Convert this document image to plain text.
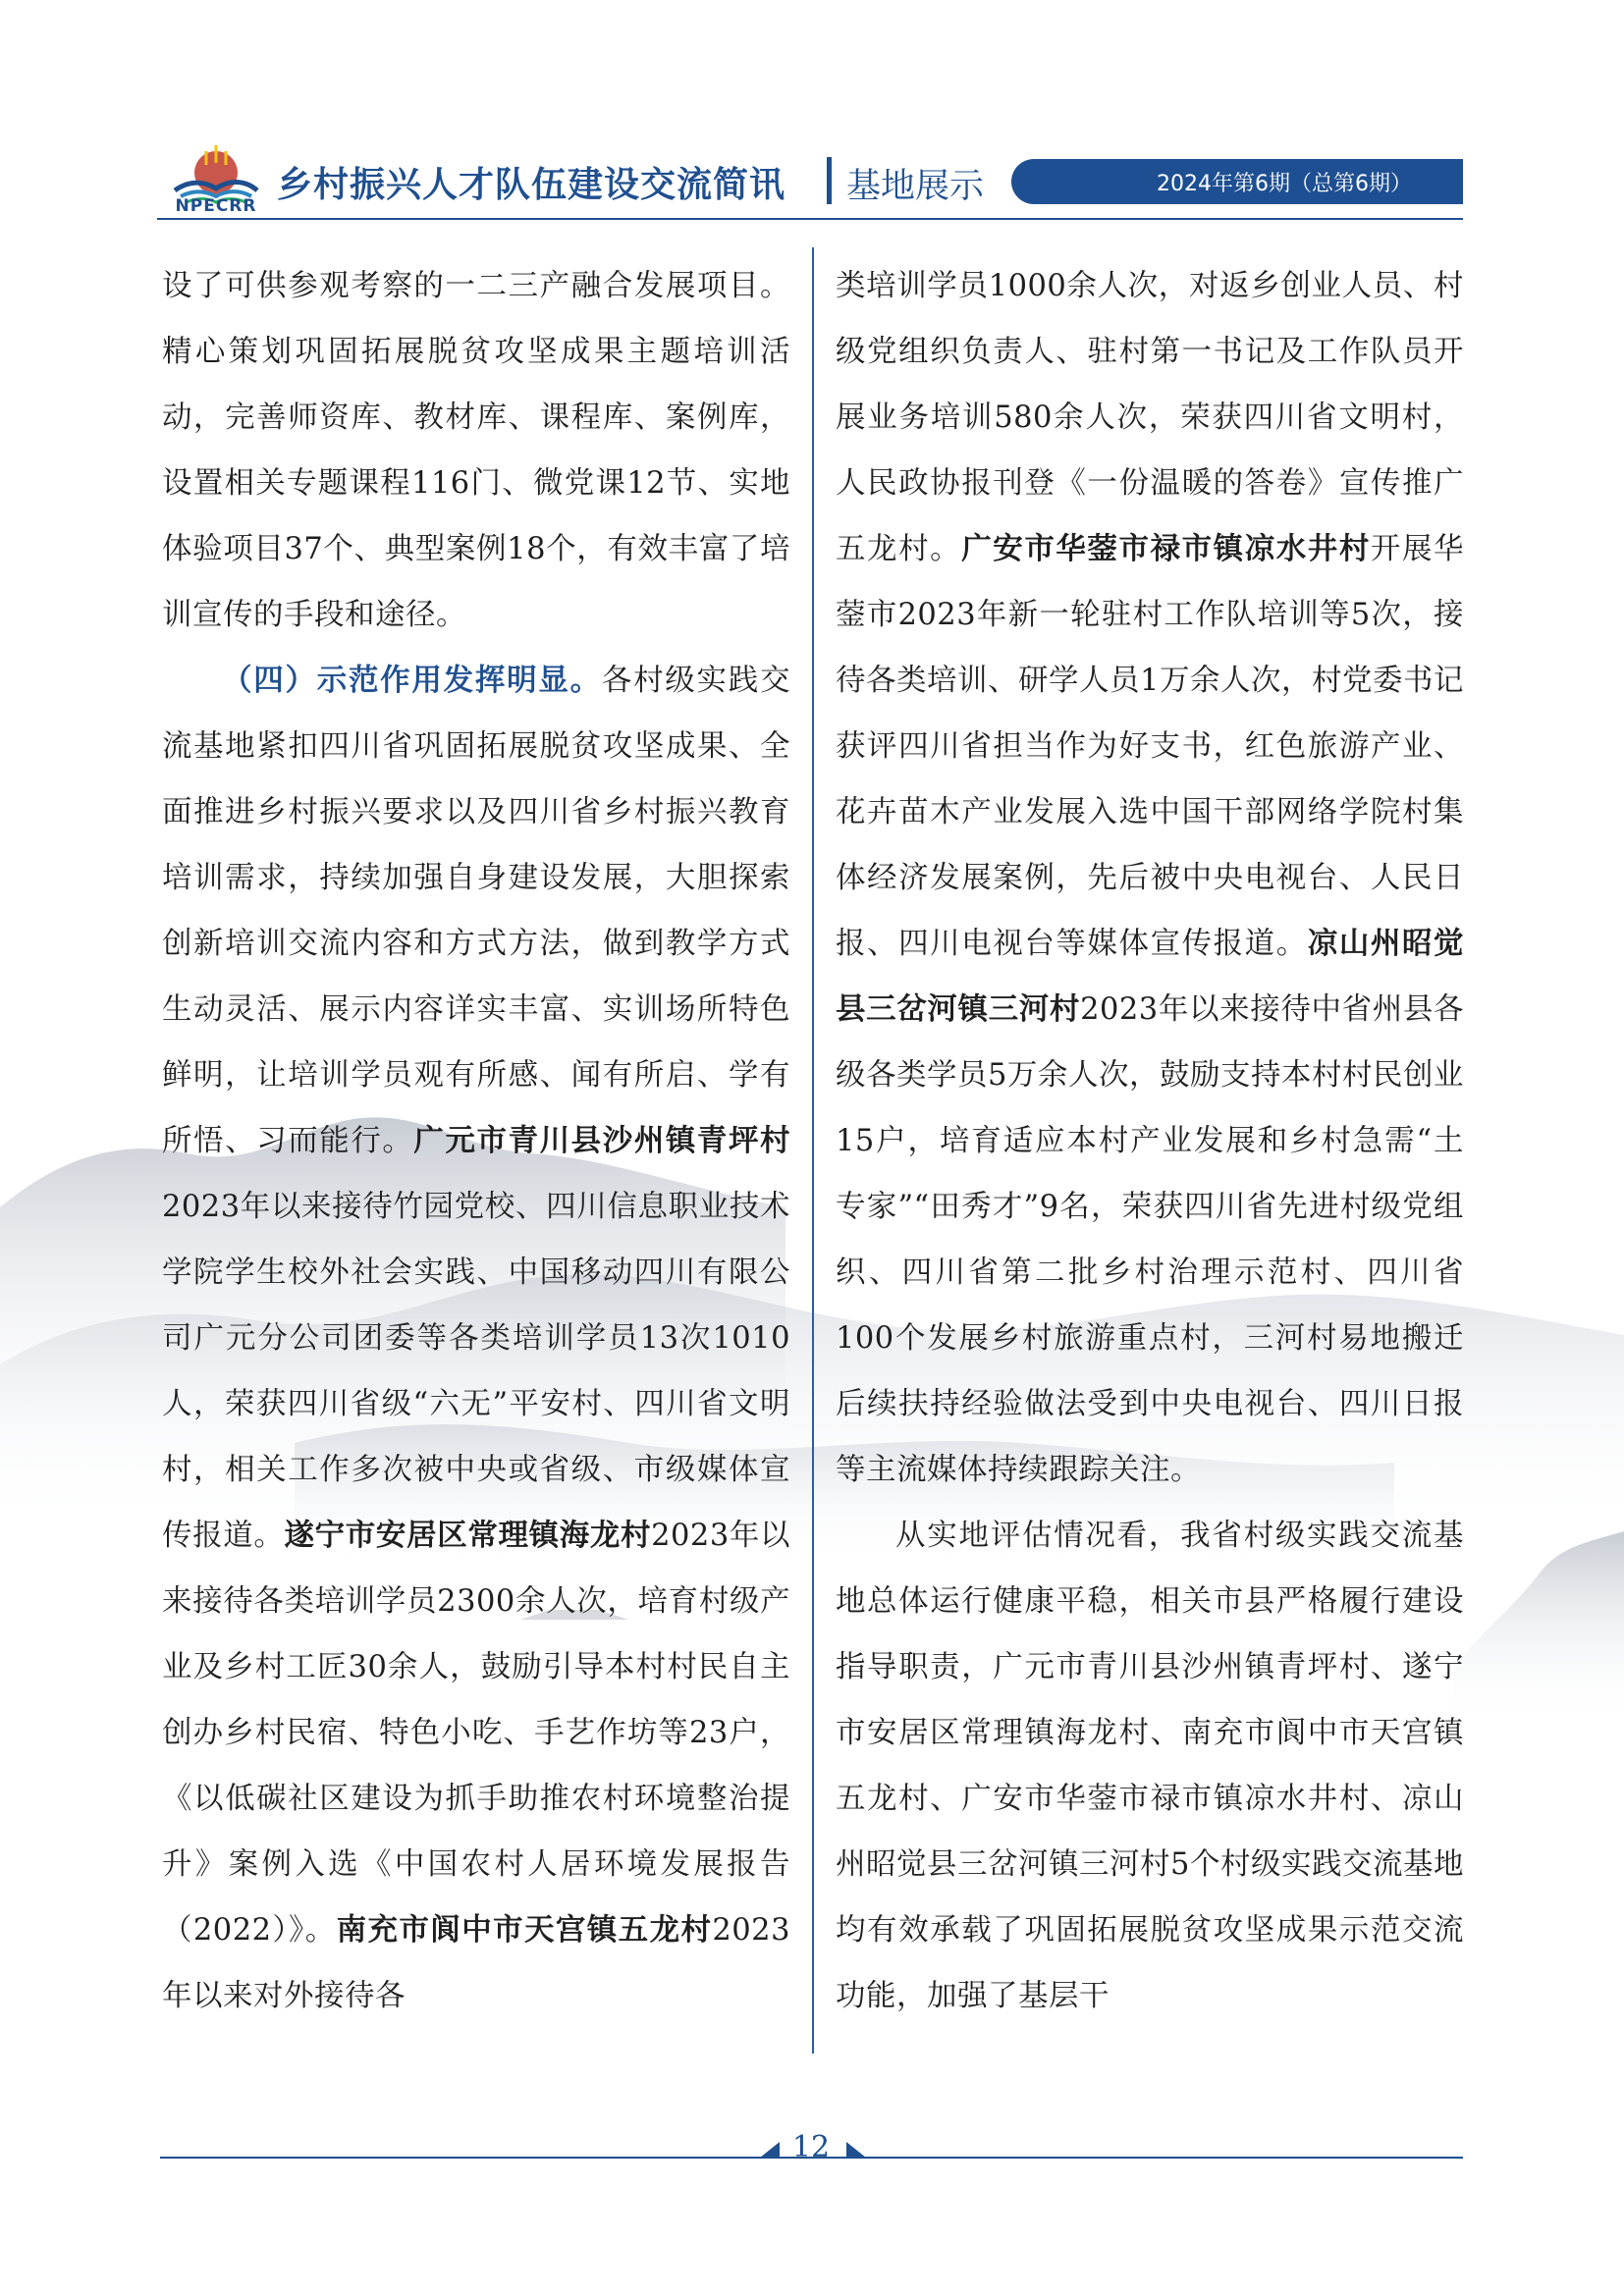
NPECRR
乡村振兴人才队伍建设交流简讯 基地展示	2024年第6期（总第6期）

设了可供参观考察的一二三产融合发展项目。精心策划巩固拓展脱贫攻坚成果主题培训活动，完善师资库、教材库、课程库、案例库，设置相关专题课程116门、微党课12节、实地体验项目37个、典型案例18个，有效丰富了培训宣传的手段和途径。

（四）示范作用发挥明显。各村级实践交流基地紧扣四川省巩固拓展脱贫攻坚成果、全面推进乡村振兴要求以及四川省乡村振兴教育培训需求，持续加强自身建设发展，大胆探索创新培训交流内容和方式方法，做到教学方式生动灵活、展示内容详实丰富、实训场所特色鲜明，让培训学员观有所感、闻有所启、学有所悟、习而能行。广元市青川县沙州镇青坪村2023年以来接待竹园党校、四川信息职业技术学院学生校外社会实践、中国移动四川有限公司广元分公司团委等各类培训学员13次1010人，荣获四川省级“六无”平安村、四川省文明村，相关工作多次被中央或省级、市级媒体宣传报道。遂宁市安居区常理镇海龙村2023年以来接待各类培训学员2300余人次，培育村级产业及乡村工匠30余人，鼓励引导本村村民自主创办乡村民宿、特色小吃、手艺作坊等23户，《以低碳社区建设为抓手助推农村环境整治提升》案例入选《中国农村人居环境发展报告（2022）》。南充市阆中市天宫镇五龙村2023年以来对外接待各

类培训学员1000余人次，对返乡创业人员、村级党组织负责人、驻村第一书记及工作队员开展业务培训580余人次，荣获四川省文明村，人民政协报刊登《一份温暖的答卷》宣传推广五龙村。广安市华蓥市禄市镇凉水井村开展华蓥市2023年新一轮驻村工作队培训等5次，接待各类培训、研学人员1万余人次，村党委书记获评四川省担当作为好支书，红色旅游产业、花卉苗木产业发展入选中国干部网络学院村集体经济发展案例，先后被中央电视台、人民日报、四川电视台等媒体宣传报道。凉山州昭觉县三岔河镇三河村2023年以来接待中省州县各级各类学员5万余人次，鼓励支持本村村民创业15户，培育适应本村产业发展和乡村急需“土专家”“田秀才”9名，荣获四川省先进村级党组织、四川省第二批乡村治理示范村、四川省100个发展乡村旅游重点村，三河村易地搬迁后续扶持经验做法受到中央电视台、四川日报等主流媒体持续跟踪关注。

从实地评估情况看，我省村级实践交流基地总体运行健康平稳，相关市县严格履行建设指导职责，广元市青川县沙州镇青坪村、遂宁市安居区常理镇海龙村、南充市阆中市天宫镇五龙村、广安市华蓥市禄市镇凉水井村、凉山州昭觉县三岔河镇三河村5个村级实践交流基地均有效承载了巩固拓展脱贫攻坚成果示范交流功能，加强了基层干

12
